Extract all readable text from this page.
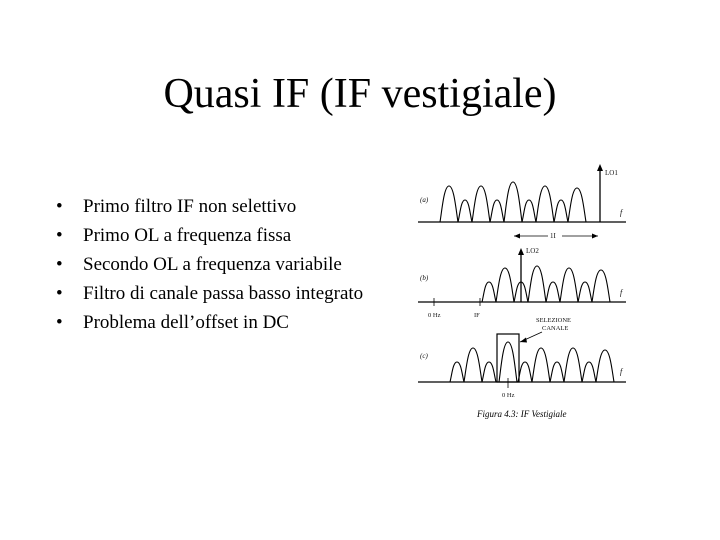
Quasi IF (IF vestigiale)
•	Primo filtro IF non selettivo
•	Primo OL a frequenza fissa
•	Secondo OL a frequenza variabile
•	Filtro di canale passa basso integrato
•	Problema dell’offset in DC
(a)
LO1
f
1I
(b)
0 Hz	IF
LO2
f
(c)
0 Hz
SELEZIONE
CANALE
f
Figura 4.3: IF Vestigiale
